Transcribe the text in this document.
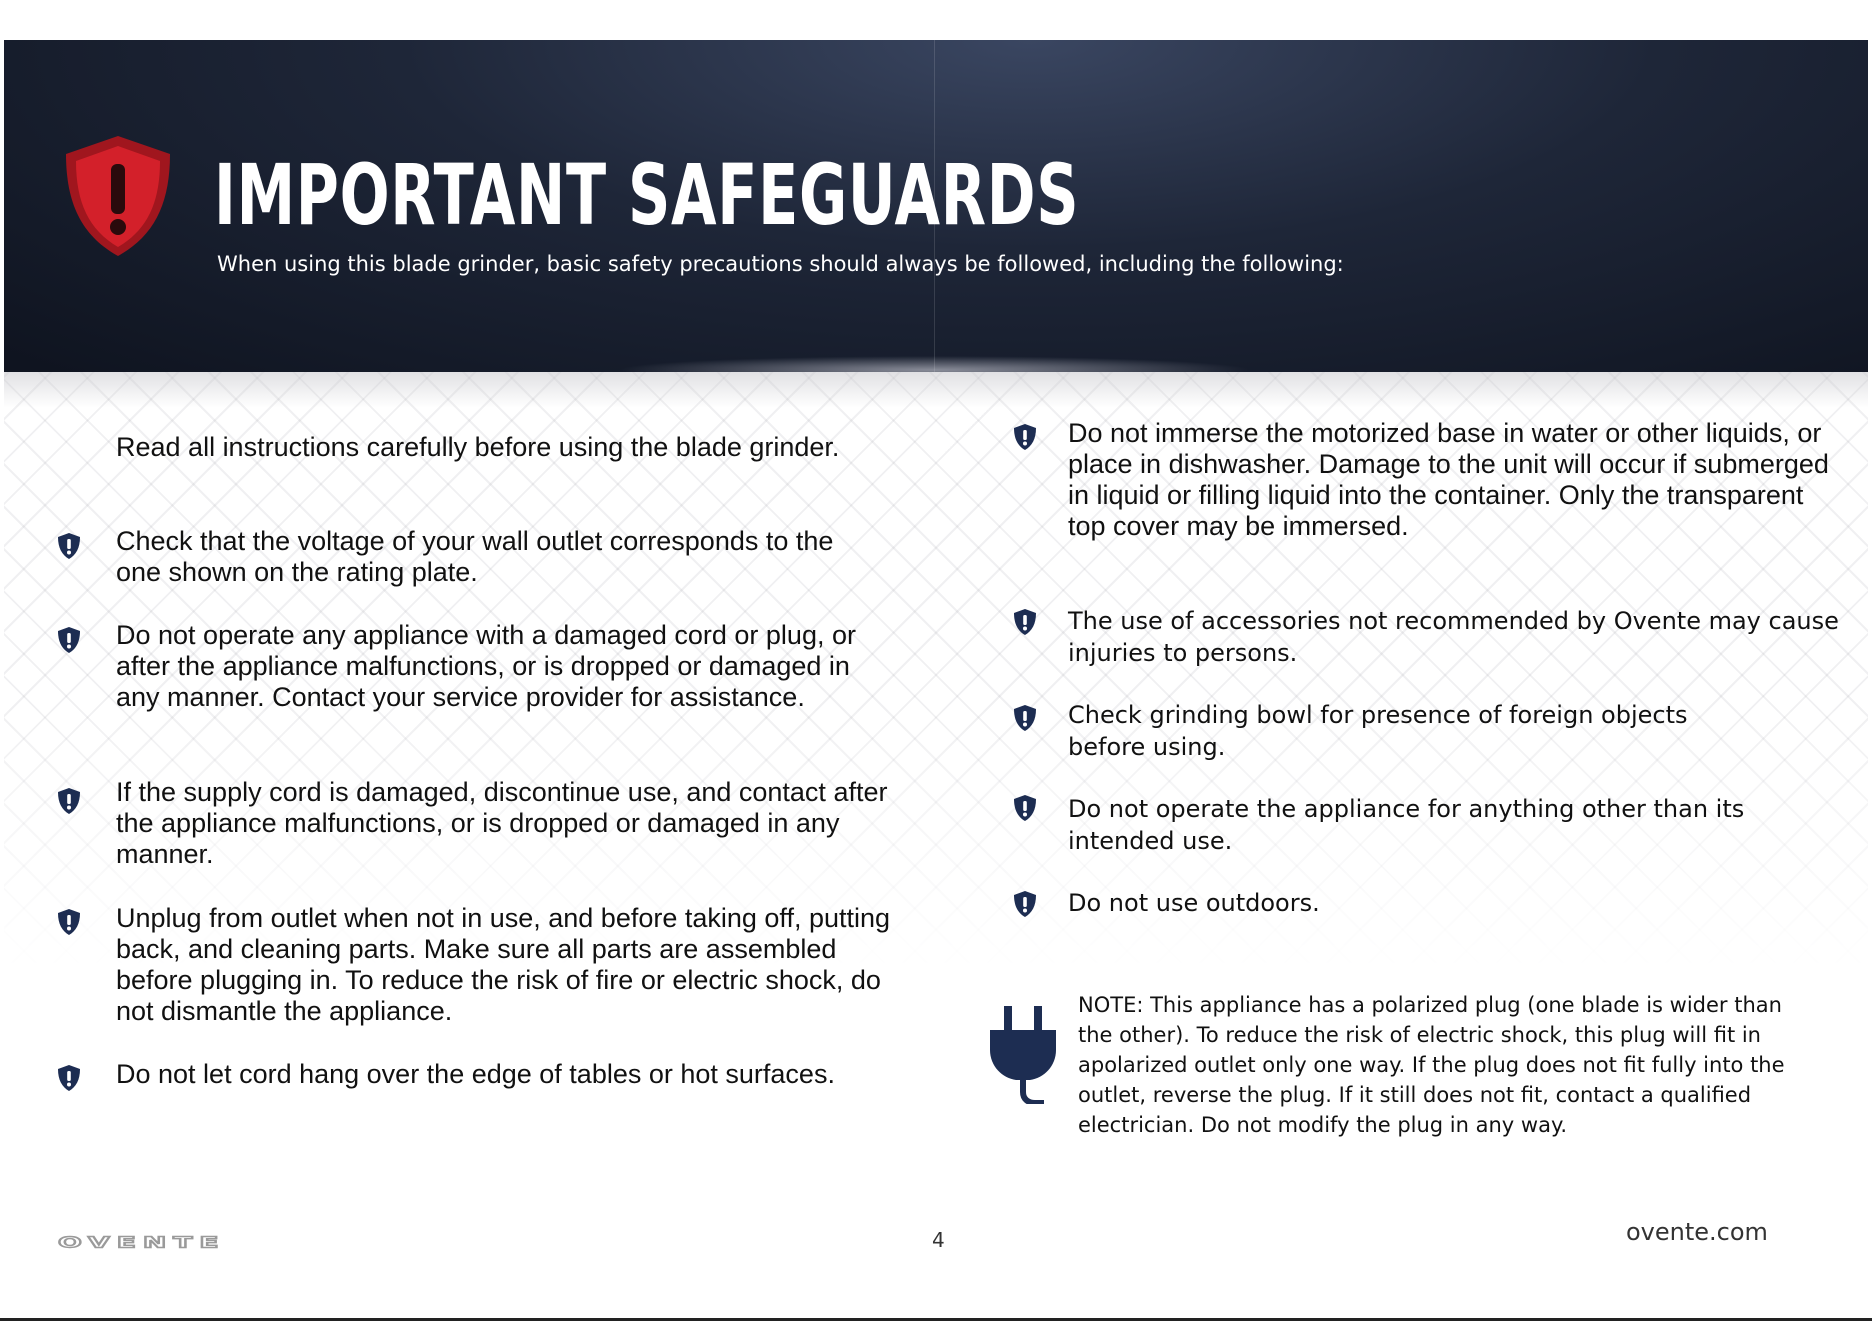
IMPORTANT SAFEGUARDS
When using this blade grinder, basic safety precautions should always be followed, including the following:
Read all instructions carefully before using the blade grinder.
Check that the voltage of your wall outlet corresponds to the one shown on the rating plate.
Do not operate any appliance with a damaged cord or plug, or after the appliance malfunctions, or is dropped or damaged in any manner. Contact your service provider for assistance.
If the supply cord is damaged, discontinue use, and contact after the appliance malfunctions, or is dropped or damaged in any manner.
Unplug from outlet when not in use, and before taking off, putting back, and cleaning parts. Make sure all parts are assembled before plugging in. To reduce the risk of fire or electric shock, do not dismantle the appliance.
Do not let cord hang over the edge of tables or hot surfaces.
Do not immerse the motorized base in water or other liquids, or place in dishwasher. Damage to the unit will occur if submerged in liquid or filling liquid into the container. Only the transparent top cover may be immersed.
The use of accessories not recommended by Ovente may cause injuries to persons.
Check grinding bowl for presence of foreign objects before using.
Do not operate the appliance for anything other than its intended use.
Do not use outdoors.
NOTE: This appliance has a polarized plug (one blade is wider than the other). To reduce the risk of electric shock, this plug will fit in apolarized outlet only one way. If the plug does not fit fully into the outlet, reverse the plug. If it still does not fit, contact a qualified electrician. Do not modify the plug in any way.
OVENTE	4	ovente.com
